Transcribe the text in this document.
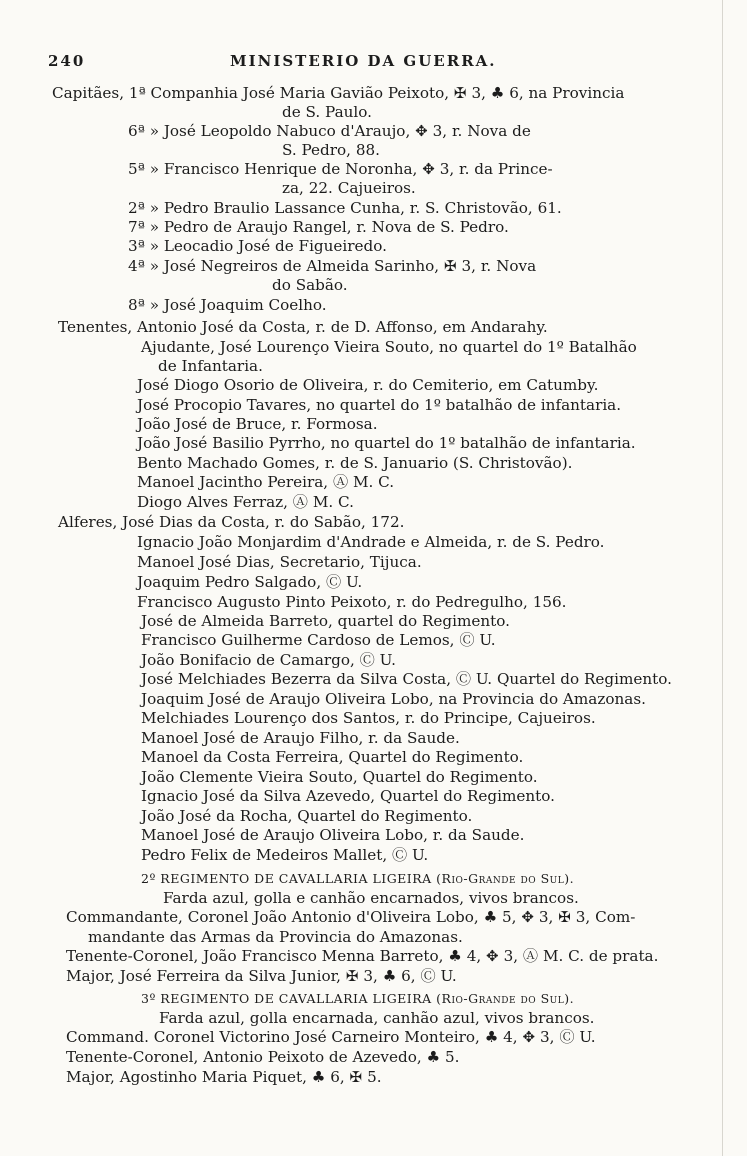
240	MINISTERIO DA GUERRA.
Capitães, 1ª Companhia José Maria Gavião Peixoto, ✠ 3, ♣ 6, na Provincia
de S. Paulo.
6ª » José Leopoldo Nabuco d'Araujo, ✥ 3, r. Nova de
S. Pedro, 88.
5ª » Francisco Henrique de Noronha, ✥ 3, r. da Prince-
za, 22. Cajueiros.
2ª » Pedro Braulio Lassance Cunha, r. S. Christovão, 61.
7ª » Pedro de Araujo Rangel, r. Nova de S. Pedro.
3ª » Leocadio José de Figueiredo.
4ª » José Negreiros de Almeida Sarinho, ✠ 3, r. Nova
do Sabão.
8ª » José Joaquim Coelho.
Tenentes, Antonio José da Costa, r. de D. Affonso, em Andarahy.
Ajudante, José Lourenço Vieira Souto, no quartel do 1º Batalhão
de Infantaria.
José Diogo Osorio de Oliveira, r. do Cemiterio, em Catumby.
José Procopio Tavares, no quartel do 1º batalhão de infantaria.
João José de Bruce, r. Formosa.
João José Basilio Pyrrho, no quartel do 1º batalhão de infantaria.
Bento Machado Gomes, r. de S. Januario (S. Christovão).
Manoel Jacintho Pereira, Ⓐ M. C.
Diogo Alves Ferraz, Ⓐ M. C.
Alferes, José Dias da Costa, r. do Sabão, 172.
Ignacio João Monjardim d'Andrade e Almeida, r. de S. Pedro.
Manoel José Dias, Secretario, Tijuca.
Joaquim Pedro Salgado, Ⓒ U.
Francisco Augusto Pinto Peixoto, r. do Pedregulho, 156.
José de Almeida Barreto, quartel do Regimento.
Francisco Guilherme Cardoso de Lemos, Ⓒ U.
João Bonifacio de Camargo, Ⓒ U.
José Melchiades Bezerra da Silva Costa, Ⓒ U. Quartel do Regimento.
Joaquim José de Araujo Oliveira Lobo, na Provincia do Amazonas.
Melchiades Lourenço dos Santos, r. do Principe, Cajueiros.
Manoel José de Araujo Filho, r. da Saude.
Manoel da Costa Ferreira, Quartel do Regimento.
João Clemente Vieira Souto, Quartel do Regimento.
Ignacio José da Silva Azevedo, Quartel do Regimento.
João José da Rocha, Quartel do Regimento.
Manoel José de Araujo Oliveira Lobo, r. da Saude.
Pedro Felix de Medeiros Mallet, Ⓒ U.
2º REGIMENTO DE CAVALLARIA LIGEIRA (Rio-Grande do Sul).
Farda azul, golla e canhão encarnados, vivos brancos.
Commandante, Coronel João Antonio d'Oliveira Lobo, ♣ 5, ✥ 3, ✠ 3, Com-
mandante das Armas da Provincia do Amazonas.
Tenente-Coronel, João Francisco Menna Barreto, ♣ 4, ✥ 3, Ⓐ M. C. de prata.
Major, José Ferreira da Silva Junior, ✠ 3, ♣ 6, Ⓒ U.
3º REGIMENTO DE CAVALLARIA LIGEIRA (Rio-Grande do Sul).
Farda azul, golla encarnada, canhão azul, vivos brancos.
Command. Coronel Victorino José Carneiro Monteiro, ♣ 4, ✥ 3, Ⓒ U.
Tenente-Coronel, Antonio Peixoto de Azevedo, ♣ 5.
Major, Agostinho Maria Piquet, ♣ 6, ✠ 5.
